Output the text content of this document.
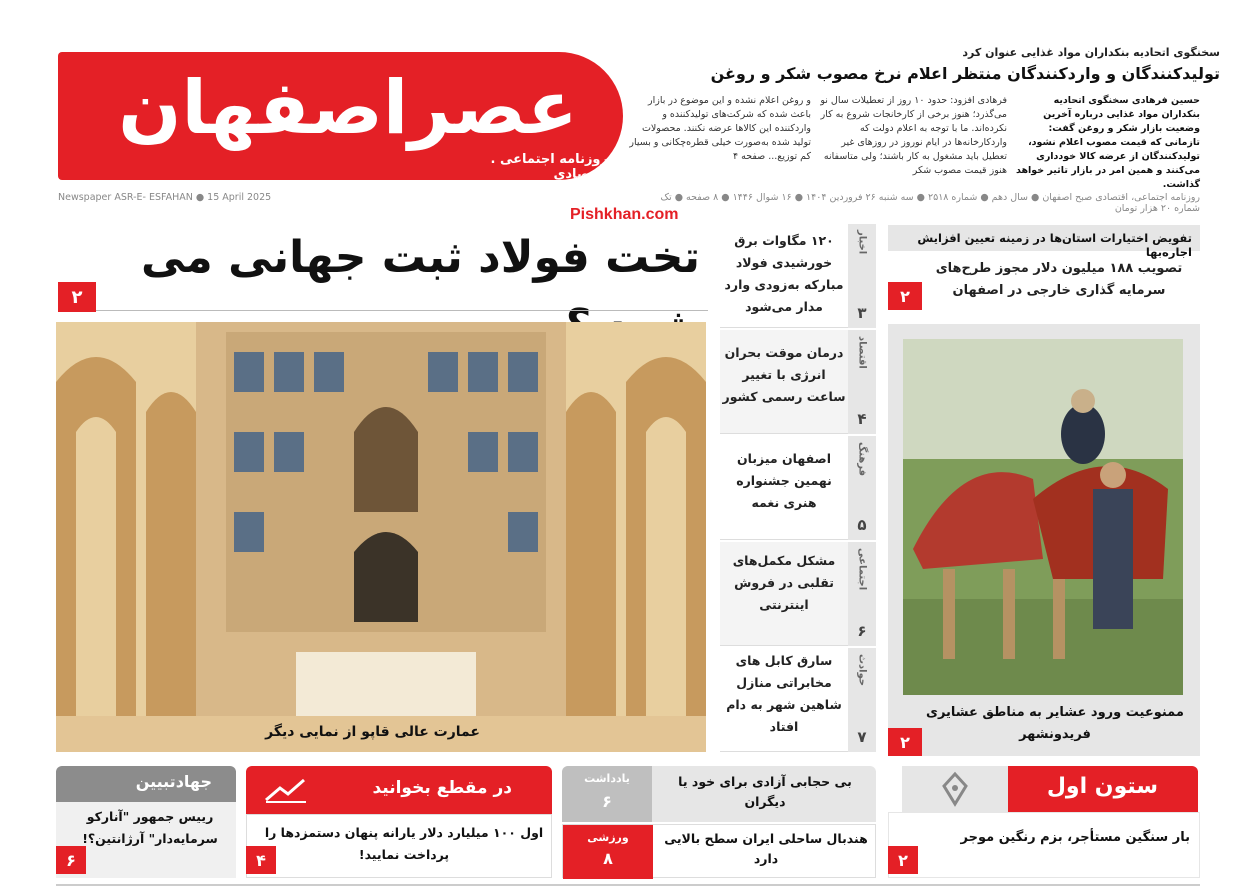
عصراصفهان
روزنامه اجتماعی . اقتصادی
سخنگوی اتحادیه بنکداران مواد غذایی عنوان کرد
تولیدکنندگان و واردکنندگان منتظر اعلام نرخ مصوب شکر و روغن
حسین فرهادی سخنگوی اتحادیه بنکداران مواد غذایی درباره آخرین وضعیت بازار شکر و روغن گفت: تازمانی که قیمت مصوب اعلام نشود، تولیدکنندگان از عرضه کالا خودداری می‌کنند و همین امر در بازار تاثیر خواهد گذاشت.
فرهادی افزود: حدود ۱۰ روز از تعطیلات سال نو می‌گذرد؛ هنوز برخی از کارخانجات شروع به کار نکرده‌اند. ما با توجه به اعلام دولت که واردکارخانه‌ها در ایام نوروز در روزهای غیر تعطیل باید مشغول به کار باشند؛ ولی متاسفانه هنوز قیمت مصوب شکر
و روغن اعلام نشده و این موضوع در بازار باعث شده که شرکت‌های تولیدکننده و واردکننده این کالاها عرضه نکنند. محصولات تولید شده به‌صورت خیلی قطره‌چکانی و بسیار کم توزیع... صفحه ۴
روزنامه اجتماعی، اقتصادی صبح اصفهان ● سال دهم ● شماره ۲۵۱۸ ● سه شنبه ۲۶ فروردین ۱۴۰۴ ● ۱۶ شوال ۱۴۴۶ ● ۸ صفحه ● تک شماره ۲۰ هزار تومان
Newspaper ASR-E- ESFAHAN ● 15 April 2025
Pishkhan.com
تخت فولاد ثبت جهانی می
۲
عمارت عالی قاپو از نمایی دیگر
اخبار
۳
۱۲۰ مگاوات برق خورشیدی فولاد مبارکه به‌زودی وارد مدار می‌شود
اقتصاد
۴
درمان موقت بحران انرژی با تغییر ساعت رسمی کشور
فرهنگ
۵
اصفهان میزبان نهمین جشنواره هنری نغمه
اجتماعی
۶
مشکل مکمل‌های تقلبی در فروش اینترنتی
حوادث
۷
سارق کابل های مخابراتی منازل شاهین شهر به دام افتاد
تفویض اختیارات استان‌ها در زمینه تعیین افزایش اجاره‌بها
تصویب ۱۸۸ میلیون دلار مجوز طرح‌های سرمایه گذاری خارجی در اصفهان
۲
ممنوعیت ورود عشایر به مناطق عشایری فریدونشهر
۲
ستون اول
بار سنگین مستأجر، بزم رنگین موجر
۲
یادداشت
۶
بی حجابی آزادی برای خود یا دیگران
ورزشی
۸
هندبال ساحلی ایران سطح بالایی دارد
در مقطع بخوانید
اول ۱۰۰ میلیارد دلار یارانه پنهان دستمزدها را پرداخت نمایید!
۴
جهادتبیین
رییس جمهور "آنارکو سرمایه‌دار" آرژانتین؟!
۶
